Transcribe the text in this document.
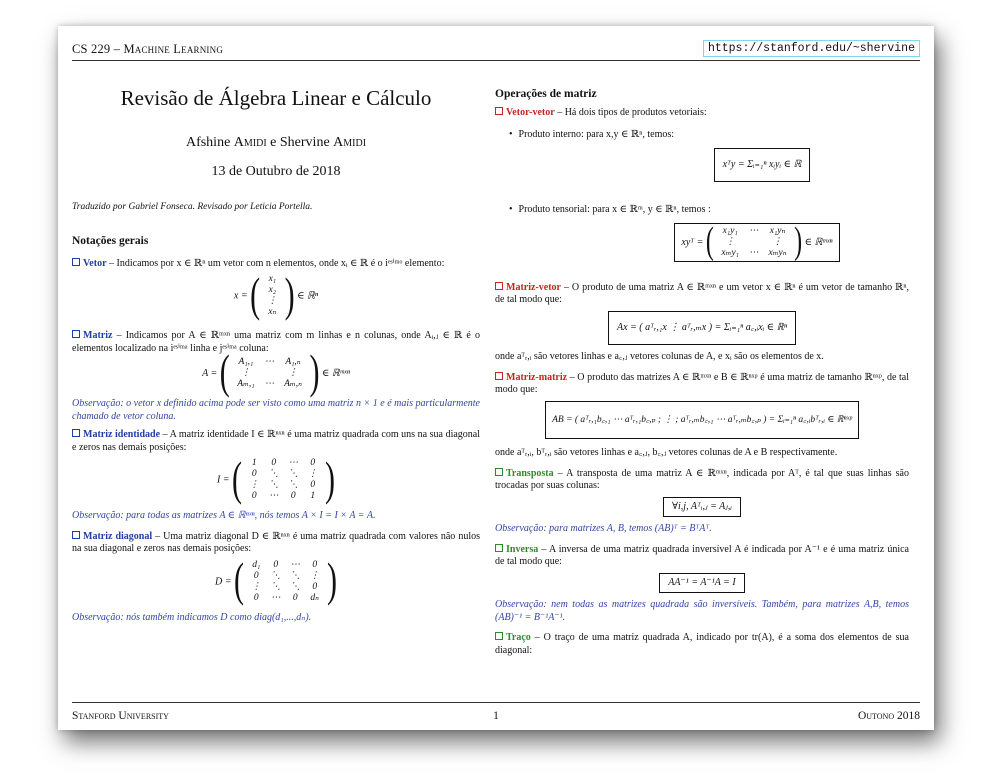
CS 229 – Machine Learning	https://stanford.edu/~shervine
Revisão de Álgebra Linear e Cálculo
Afshine Amidi e Shervine Amidi
13 de Outubro de 2018
Traduzido por Gabriel Fonseca. Revisado por Leticia Portella.
Notações gerais

Vetor – Indicamos por x ∈ ℝⁿ um vetor com n elementos, onde xᵢ ∈ ℝ é o iᵉˢⁱᵐᵒ elemento:

x = ( x₁
x₂
⋮
xₙ ) ∈ ℝⁿ

Matriz – Indicamos por A ∈ ℝᵐˣⁿ uma matriz com m linhas e n colunas, onde Aᵢ,ⱼ ∈ ℝ é o elementos localizado na iᵉˢⁱᵐᵃ linha e jᵉˢⁱᵐᵃ coluna:

A = ( A₁,₁	⋯	A₁,ₙ
⋮		⋮
Aₘ,₁	⋯	Aₘ,ₙ ) ∈ ℝᵐˣⁿ

Observação: o vetor x definido acima pode ser visto como uma matriz n × 1 e é mais particularmente chamado de vetor coluna.

Matriz identidade – A matriz identidade I ∈ ℝⁿˣⁿ é uma matriz quadrada com uns na sua diagonal e zeros nas demais posições:

I = ( 1	0	⋯	0
0	⋱	⋱	⋮
⋮	⋱	⋱	0
0	⋯	0	1 )

Observação: para todas as matrizes A ∈ ℝⁿˣⁿ, nós temos A × I = I × A = A.

Matriz diagonal – Uma matriz diagonal D ∈ ℝⁿˣⁿ é uma matriz quadrada com valores não nulos na sua diagonal e zeros nas demais posições:

D = ( d₁	0	⋯	0
0	⋱	⋱	⋮
⋮	⋱	⋱	0
0	⋯	0	dₙ )

Observação: nós também indicamos D como diag(d₁,...,dₙ).

Operações de matriz

Vetor-vetor – Há dois tipos de produtos vetoriais:

• Produto interno: para x,y ∈ ℝⁿ, temos:

xᵀy = Σᵢ₌₁ⁿ xᵢyᵢ ∈ ℝ

• Produto tensorial: para x ∈ ℝᵐ, y ∈ ℝⁿ, temos :

xyᵀ = ( x₁y₁	⋯	x₁yₙ
⋮		⋮
xₘy₁	⋯	xₘyₙ ) ∈ ℝᵐˣⁿ

Matriz-vetor – O produto de uma matriz A ∈ ℝᵐˣⁿ e um vetor x ∈ ℝⁿ é um vetor de tamanho ℝⁿ, de tal modo que:

Ax = ( aᵀᵣ,₁x ⋮ aᵀᵣ,ₘx ) = Σᵢ₌₁ⁿ a꜀,ᵢxᵢ ∈ ℝⁿ

onde aᵀᵣ,ᵢ são vetores linhas e a꜀,ⱼ vetores colunas de A, e xᵢ são os elementos de x.

Matriz-matriz – O produto das matrizes A ∈ ℝᵐˣⁿ e B ∈ ℝⁿˣᵖ é uma matriz de tamanho ℝⁿˣᵖ, de tal modo que:

AB = ( aᵀᵣ,₁b꜀,₁ ⋯ aᵀᵣ,₁b꜀,ₚ ; ⋮ ; aᵀᵣ,ₘb꜀,₁ ⋯ aᵀᵣ,ₘb꜀,ₚ ) = Σᵢ₌₁ⁿ a꜀,ᵢbᵀᵣ,ᵢ ∈ ℝⁿˣᵖ

onde aᵀᵣ,ᵢ, bᵀᵣ,ᵢ são vetores linhas e a꜀,ⱼ, b꜀,ⱼ vetores colunas de A e B respectivamente.

Transposta – A transposta de uma matriz A ∈ ℝᵐˣⁿ, indicada por Aᵀ, é tal que suas linhas são trocadas por suas colunas:

∀i,j, Aᵀᵢ,ⱼ = Aⱼ,ᵢ

Observação: para matrizes A, B, temos (AB)ᵀ = BᵀAᵀ.

Inversa – A inversa de uma matriz quadrada inversível A é indicada por A⁻¹ e é uma matriz única de tal modo que:

AA⁻¹ = A⁻¹A = I

Observação: nem todas as matrizes quadrada são inversíveis. Também, para matrizes A,B, temos (AB)⁻¹ = B⁻¹A⁻¹.

Traço – O traço de uma matriz quadrada A, indicado por tr(A), é a soma dos elementos de sua diagonal:

Stanford University	1	Outono 2018
